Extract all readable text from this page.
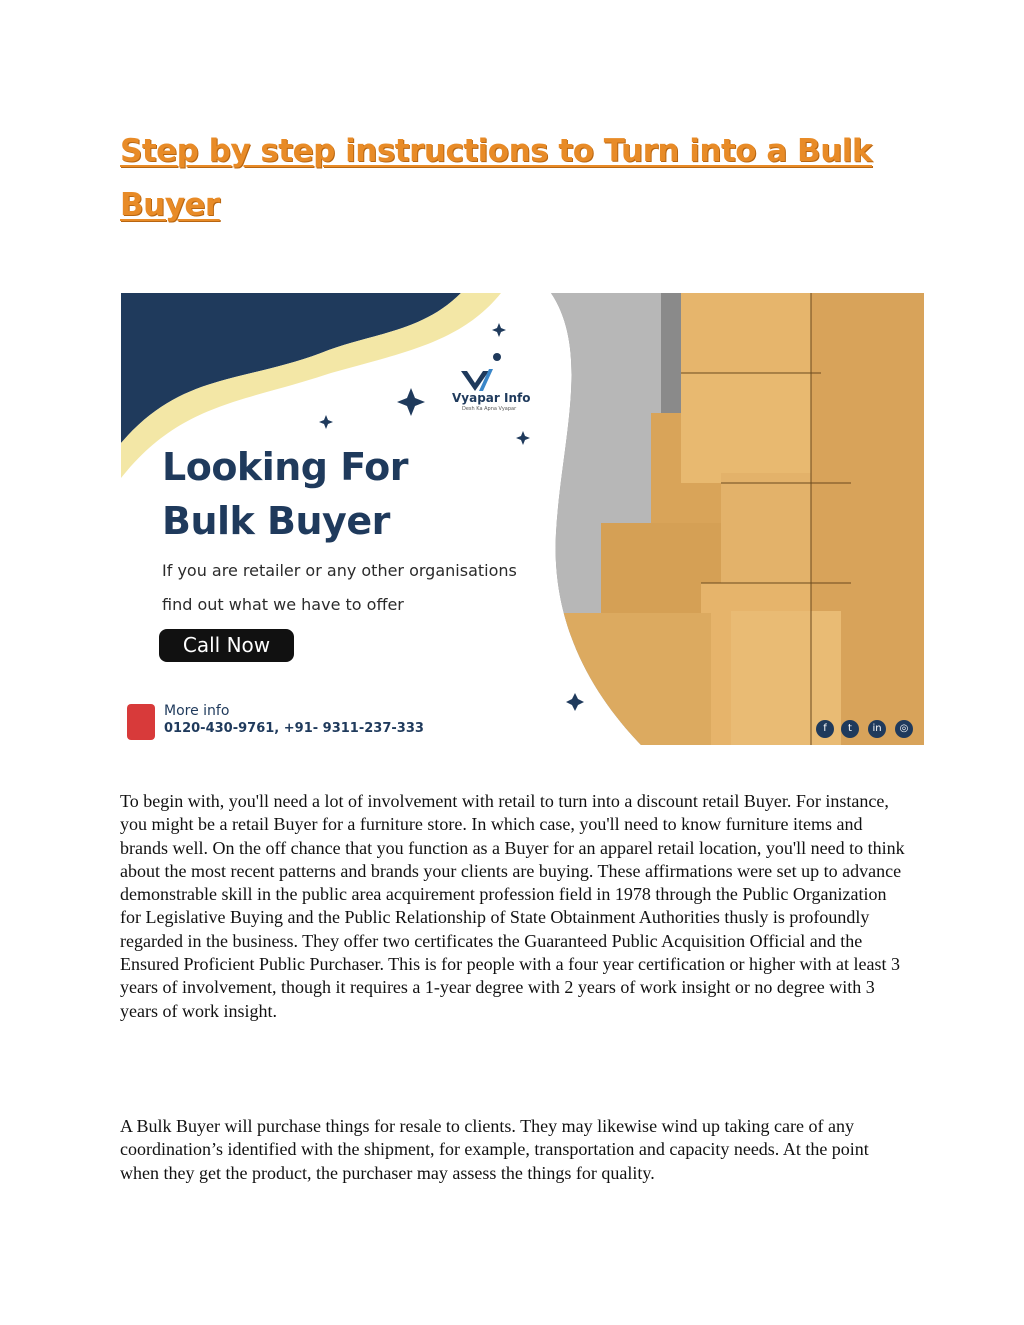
Step by step instructions to Turn into a Bulk Buyer
Vyapar Info
Desh Ka Apna Vyapar
Looking For
Bulk Buyer
If you are retailer or any other organisations
find out what we have to offer
Call Now
More info
0120-430-9761, +91- 9311-237-333	f	t	in	◎

To begin with, you'll need a lot of involvement with retail to turn into a discount retail Buyer. For instance, you might be a retail Buyer for a furniture store. In which case, you'll need to know furniture items and brands well. On the off chance that you function as a Buyer for an apparel retail location, you'll need to think about the most recent patterns and brands your clients are buying. These affirmations were set up to advance demonstrable skill in the public area acquirement profession field in 1978 through the Public Organization for Legislative Buying and the Public Relationship of State Obtainment Authorities thusly is profoundly regarded in the business. They offer two certificates the Guaranteed Public Acquisition Official and the Ensured Proficient Public Purchaser. This is for people with a four year certification or higher with at least 3 years of involvement, though it requires a 1-year degree with 2 years of work insight or no degree with 3 years of work insight.

A Bulk Buyer will purchase things for resale to clients. They may likewise wind up taking care of any coordination’s identified with the shipment, for example, transportation and capacity needs. At the point when they get the product, the purchaser may assess the things for quality.
